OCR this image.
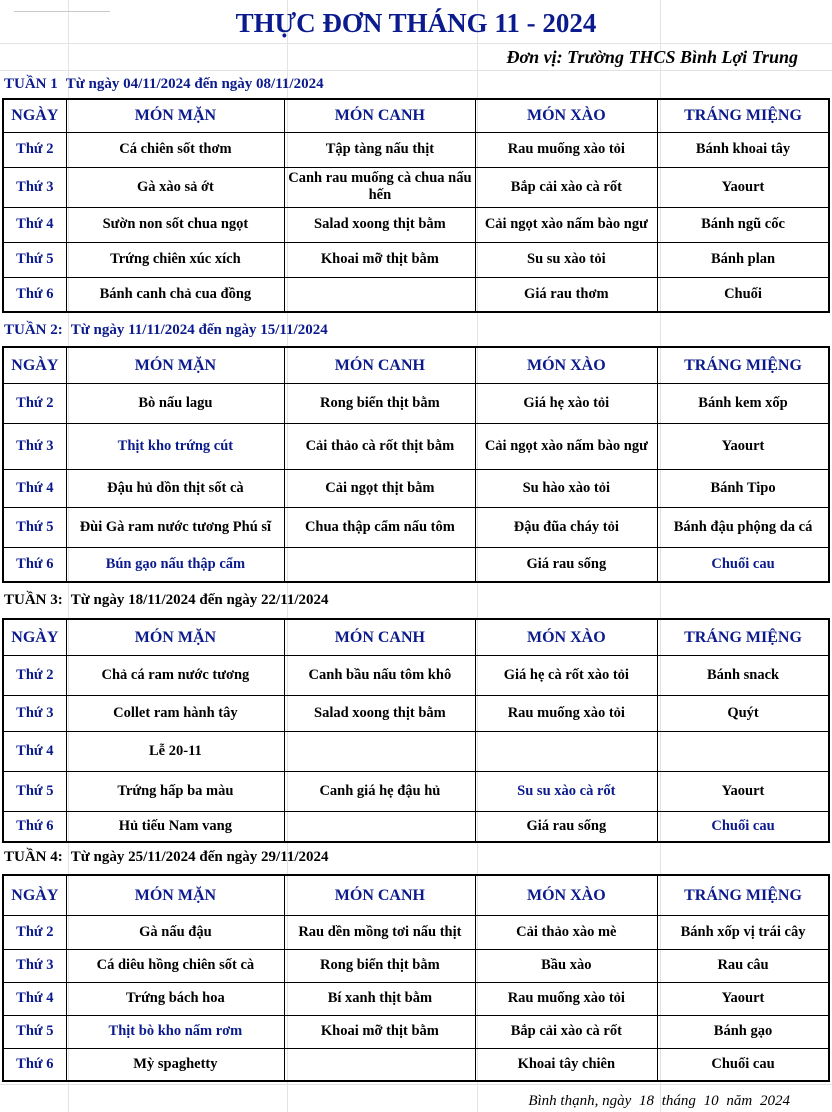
THỰC ĐƠN THÁNG 11 - 2024
Đơn vị: Trường THCS Bình Lợi Trung
TUẦN 1 Từ ngày 04/11/2024 đến ngày 08/11/2024
NGÀY	MÓN MẶN	MÓN CANH	MÓN XÀO	TRÁNG MIỆNG
Thứ 2	Cá chiên sốt thơm	Tập tàng nấu thịt	Rau muống xào tỏi	Bánh khoai tây
Thứ 3	Gà xào sả ớt	Canh rau muống cà chua nấu hến	Bắp cải xào cà rốt	Yaourt
Thứ 4	Sườn non sốt chua ngọt	Salad xoong thịt bằm	Cải ngọt xào nấm bào ngư	Bánh ngũ cốc
Thứ 5	Trứng chiên xúc xích	Khoai mỡ thịt bằm	Su su xào tỏi	Bánh plan
Thứ 6	Bánh canh chả cua đồng		Giá rau thơm	Chuối
TUẦN 2: Từ ngày 11/11/2024 đến ngày 15/11/2024
NGÀY	MÓN MẶN	MÓN CANH	MÓN XÀO	TRÁNG MIỆNG
Thứ 2	Bò nấu lagu	Rong biển thịt bằm	Giá hẹ xào tỏi	Bánh kem xốp
Thứ 3	Thịt kho trứng cút	Cải thảo cà rốt thịt bằm	Cải ngọt xào nấm bào ngư	Yaourt
Thứ 4	Đậu hủ dồn thịt sốt cà	Cải ngọt thịt bằm	Su hào xào tỏi	Bánh Tipo
Thứ 5	Đùi Gà ram nước tương Phú sĩ	Chua thập cẩm nấu tôm	Đậu đũa cháy tỏi	Bánh đậu phộng da cá
Thứ 6	Bún gạo nấu thập cẩm		Giá rau sống	Chuối cau
TUẦN 3: Từ ngày 18/11/2024 đến ngày 22/11/2024
NGÀY	MÓN MẶN	MÓN CANH	MÓN XÀO	TRÁNG MIỆNG
Thứ 2	Chả cá ram nước tương	Canh bầu nấu tôm khô	Giá hẹ cà rốt xào tỏi	Bánh snack
Thứ 3	Collet ram hành tây	Salad xoong thịt bằm	Rau muống xào tỏi	Quýt
Thứ 4	Lễ 20-11			
Thứ 5	Trứng hấp ba màu	Canh giá hẹ đậu hủ	Su su xào cà rốt	Yaourt
Thứ 6	Hủ tiếu Nam vang		Giá rau sống	Chuối cau
TUẦN 4: Từ ngày 25/11/2024 đến ngày 29/11/2024
NGÀY	MÓN MẶN	MÓN CANH	MÓN XÀO	TRÁNG MIỆNG
Thứ 2	Gà nấu đậu	Rau dền mồng tơi nấu thịt	Cải thảo xào mè	Bánh xốp vị trái cây
Thứ 3	Cá diêu hồng chiên sốt cà	Rong biển thịt bằm	Bầu xào	Rau câu
Thứ 4	Trứng bách hoa	Bí xanh thịt bằm	Rau muống xào tỏi	Yaourt
Thứ 5	Thịt bò kho nấm rơm	Khoai mỡ thịt bằm	Bắp cải xào cà rốt	Bánh gạo
Thứ 6	Mỳ spaghetty		Khoai tây chiên	Chuối cau
Bình thạnh, ngày 18 tháng 10 năm 2024
